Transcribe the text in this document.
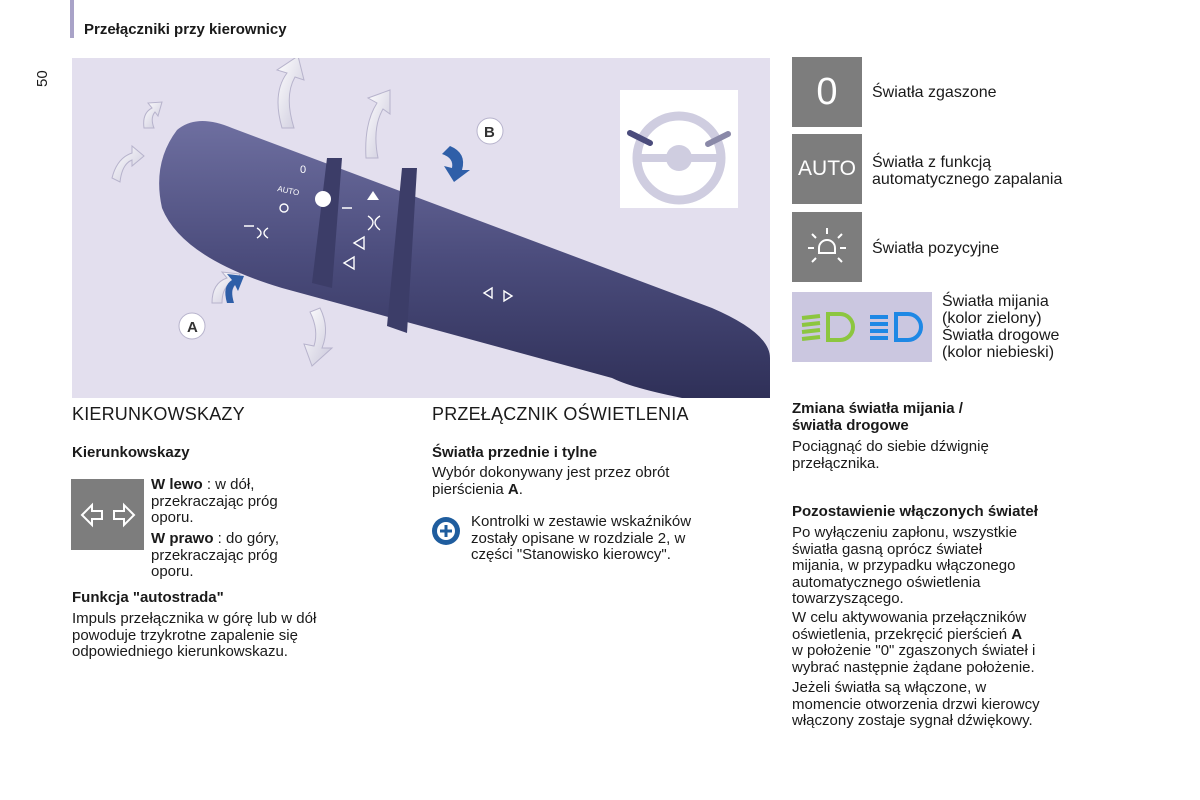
Przełączniki przy kierownicy
50
0
AUTO
A
B
0 Światła zgaszone
AUTO Światła z funkcją
automatycznego zapalania
Światła pozycyjne
Światła mijania
(kolor zielony)
Światła drogowe
(kolor niebieski)
KIERUNKOWSKAZY
Kierunkowskazy
W lewo : w dół,
przekraczając próg
oporu.
W prawo : do góry,
przekraczając próg
oporu.
Funkcja "autostrada"
Impuls przełącznika w górę lub w dół
powoduje trzykrotne zapalenie się
odpowiedniego kierunkowskazu.
PRZEŁĄCZNIK OŚWIETLENIA
Światła przednie i tylne
Wybór dokonywany jest przez obrót
pierścienia A.
Kontrolki w zestawie wskaźników
zostały opisane w rozdziale 2, w
części "Stanowisko kierowcy".
Zmiana światła mijania /
światła drogowe
Pociągnąć do siebie dźwignię
przełącznika.
Pozostawienie włączonych świateł
Po wyłączeniu zapłonu, wszystkie
światła gasną oprócz świateł
mijania, w przypadku włączonego
automatycznego oświetlenia
towarzyszącego.
W celu aktywowania przełączników
oświetlenia, przekręcić pierścień A
w położenie "0" zgaszonych świateł i
wybrać następnie żądane położenie.
Jeżeli światła są włączone, w
momencie otworzenia drzwi kierowcy
włączony zostaje sygnał dźwiękowy.
